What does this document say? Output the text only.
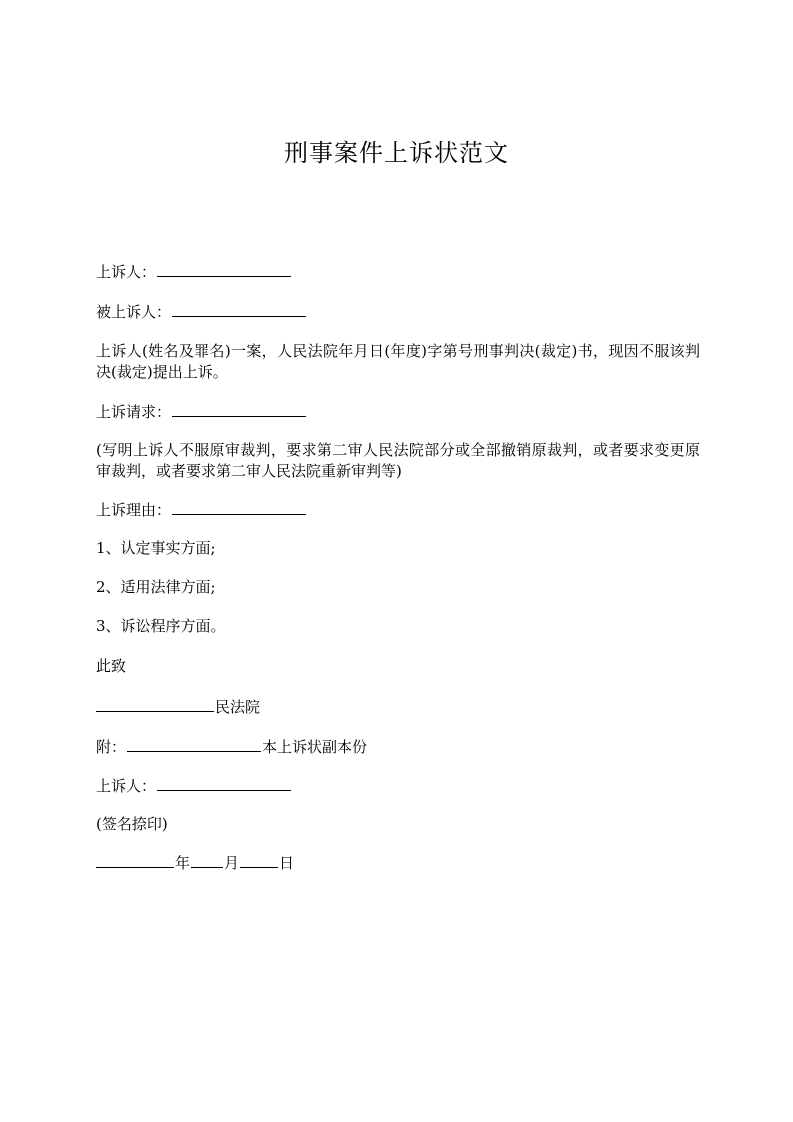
刑事案件上诉状范文
上诉人：
被上诉人：
上诉人(姓名及罪名)一案，人民法院年月日(年度)字第号刑事判决(裁定)书，现因不服该判决(裁定)提出上诉。
上诉请求：
(写明上诉人不服原审裁判，要求第二审人民法院部分或全部撤销原裁判，或者要求变更原审裁判，或者要求第二审人民法院重新审判等)
上诉理由：
1、认定事实方面;
2、适用法律方面;
3、诉讼程序方面。
此致
民法院
附：	本上诉状副本份
上诉人：
(签名捺印)
年 月	日
